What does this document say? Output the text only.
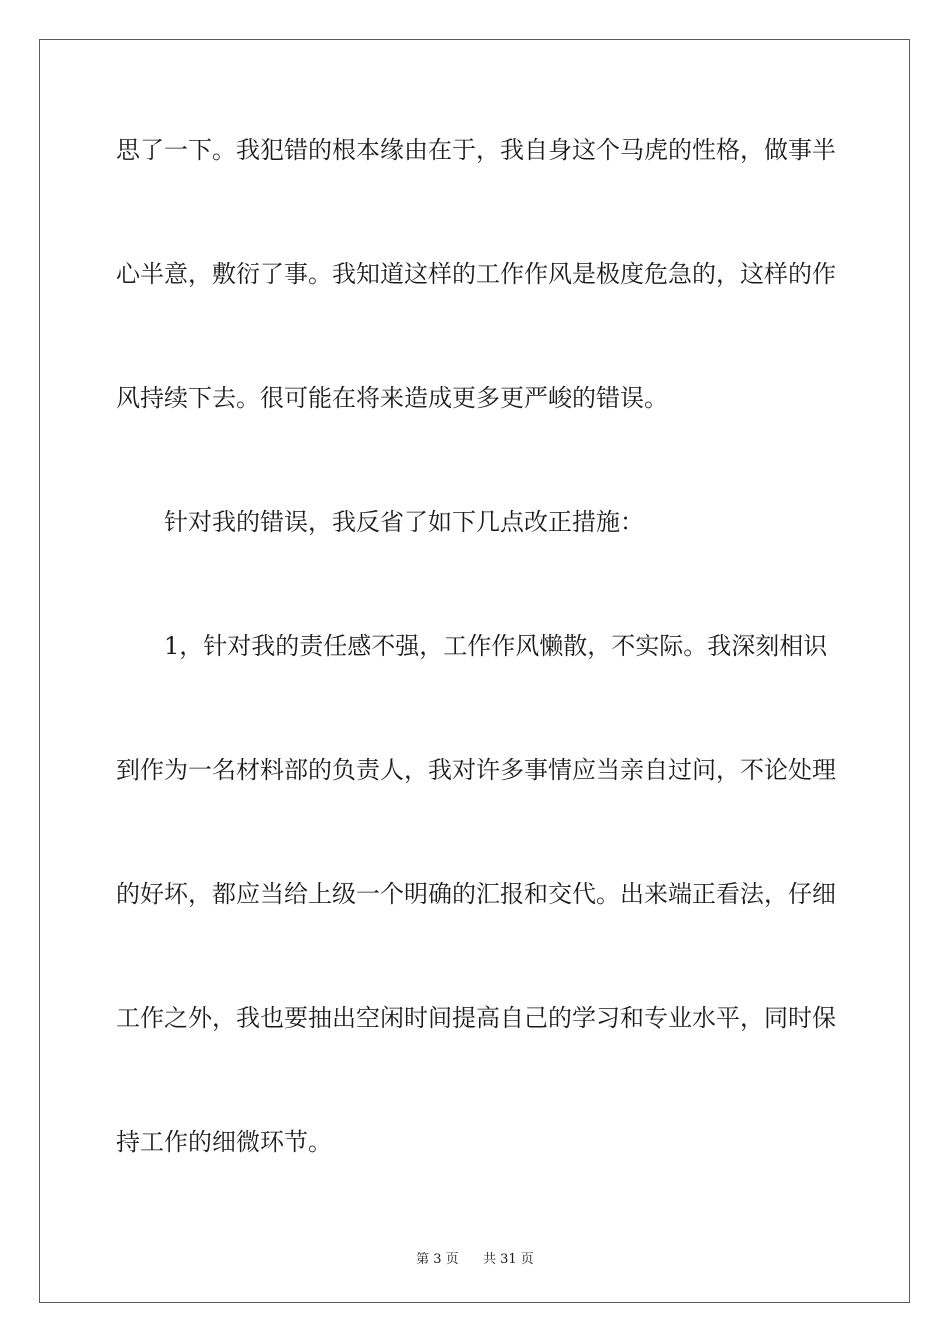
思了一下。我犯错的根本缘由在于，我自身这个马虎的性格，做事半
心半意，敷衍了事。我知道这样的工作作风是极度危急的，这样的作
风持续下去。很可能在将来造成更多更严峻的错误。
针对我的错误，我反省了如下几点改正措施：
1，针对我的责任感不强，工作作风懒散，不实际。我深刻相识
到作为一名材料部的负责人，我对许多事情应当亲自过问，不论处理
的好坏，都应当给上级一个明确的汇报和交代。出来端正看法，仔细
工作之外，我也要抽出空闲时间提高自己的学习和专业水平，同时保
持工作的细微环节。
第 3 页 共 31 页
